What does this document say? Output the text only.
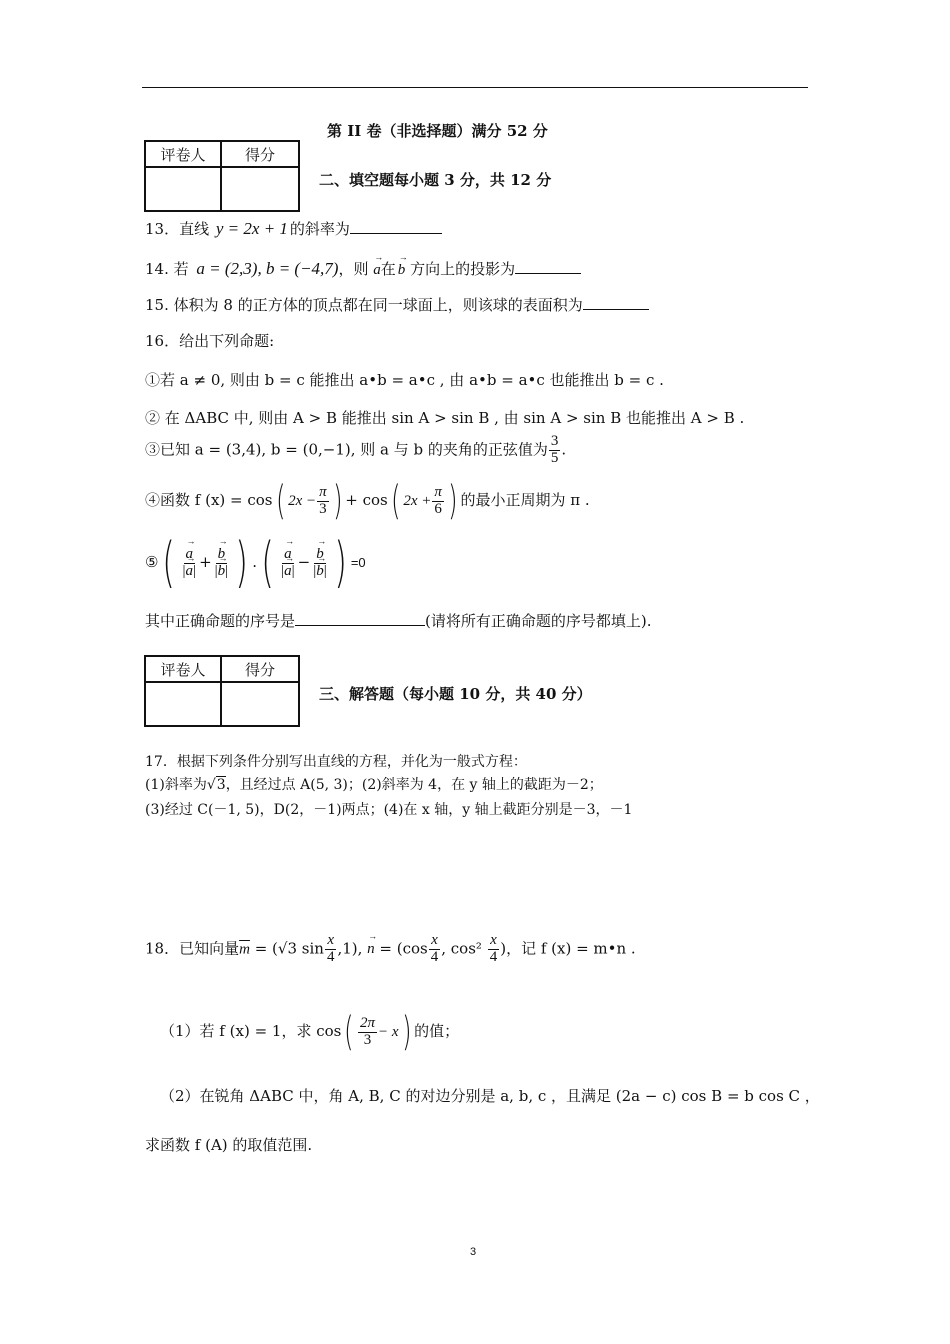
第 II 卷（非选择题）满分 52 分
评卷人	得分

二、填空题每小题 3 分，共 12 分
13．直线 y = 2x + 1 的斜率为
14. 若 a = (2,3), b = (−4,7)，则 → a在 → b 方向上的投影为
15. 体积为 8 的正方体的顶点都在同一球面上，则该球的表面积为
16．给出下列命题:
①若 a ≠ 0, 则由 b = c 能推出 a•b = a•c , 由 a•b = a•c 也能推出 b = c .
② 在 ΔABC 中, 则由 A > B 能推出 sin A > sin B , 由 sin A > sin B 也能推出 A > B .
③已知 a = (3,4), b = (0,−1), 则 a 与 b 的夹角的正弦值为 $\frac{3}{5}$ .
④函数 f (x) = cos( $2x - \frac{\pi}{3}$ ) + cos( $2x + \frac{\pi}{6}$ ) 的最小正周期为 π .
⑤( → $\frac{a}{|\to a|}$ + → $\frac{b}{|\to b|}$ ) .( → $\frac{a}{|\to a|}$ − → $\frac{b}{|\to b|}$ ) =0
其中正确命题的序号是	(请将所有正确命题的序号都填上).
评卷人	得分

三、解答题（每小题 10 分，共 40 分）
17．根据下列条件分别写出直线的方程，并化为一般式方程：
(1)斜率为√3，且经过点 A(5, 3)；(2)斜率为 4，在 y 轴上的截距为－2；
(3)经过 C(－1, 5)，D(2，－1)两点；(4)在 x 轴，y 轴上截距分别是－3，－1
18．已知向量$\overline{m} = (√3$ $\sin \frac{x}{4} ,1$), → $n = (\cos \frac{x}{4}$ , $\cos^2 \frac{x}{4}$ )，记 f (x) = m•n .
（1）若 f (x) = 1，求 $\cos( \frac{2\pi}{3} - x)$ 的值；
（2）在锐角 ΔABC 中，角 A, B, C 的对边分别是 a, b, c ，且满足 (2a − c) cos B = b cos C ，
求函数 f (A) 的取值范围.
3
